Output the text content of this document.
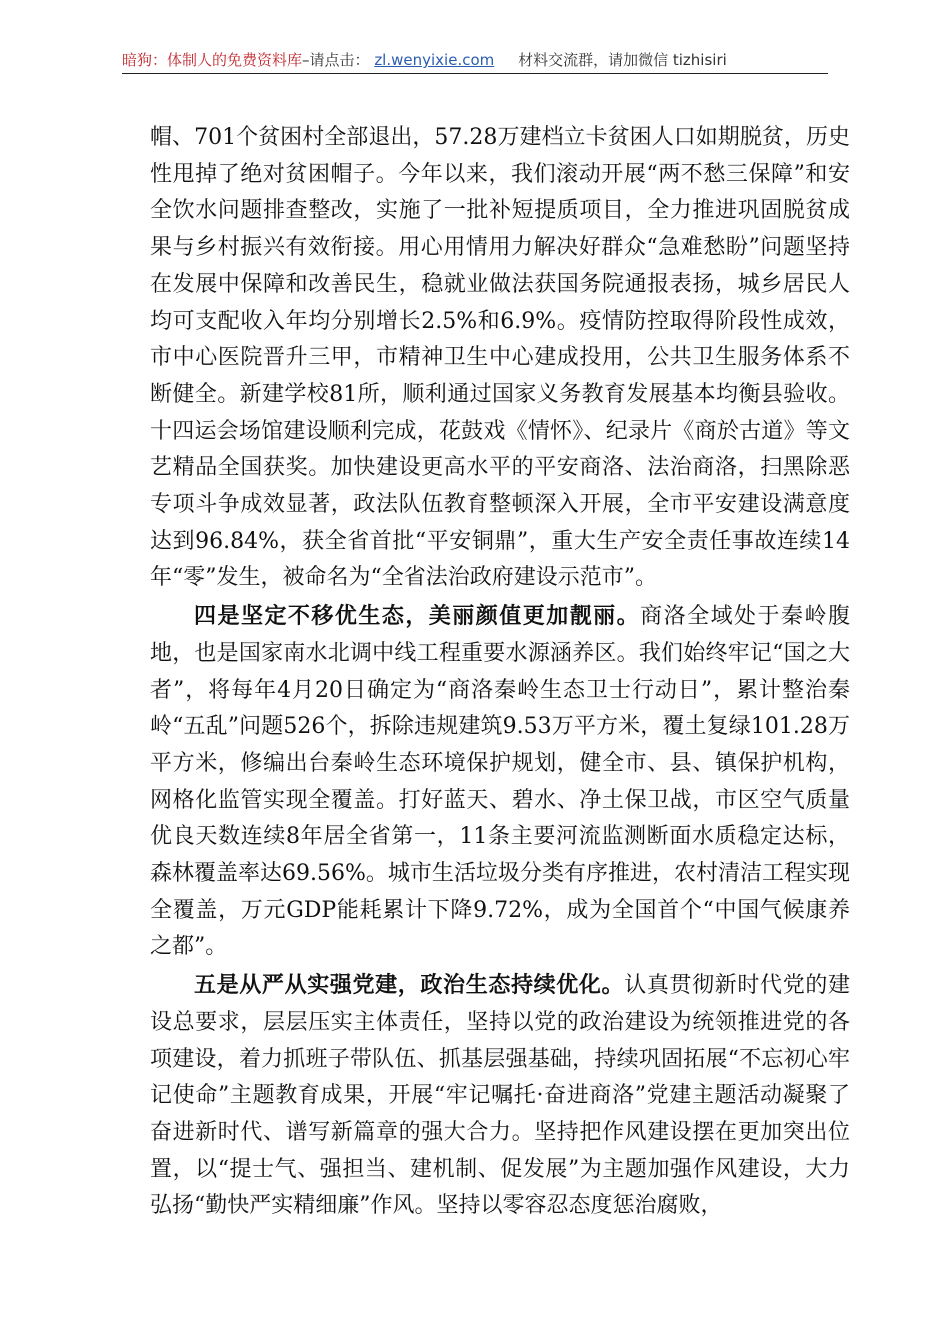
暗狗：体制人的免费资料库–请点击： zl.wenyixie.com 材料交流群，请加微信 tizhisiri

帽、701个贫困村全部退出，57.28万建档立卡贫困人口如期脱贫，历史性甩掉了绝对贫困帽子。今年以来，我们滚动开展“两不愁三保障”和安全饮水问题排查整改，实施了一批补短提质项目，全力推进巩固脱贫成果与乡村振兴有效衔接。用心用情用力解决好群众“急难愁盼”问题坚持在发展中保障和改善民生，稳就业做法获国务院通报表扬，城乡居民人均可支配收入年均分别增长2.5%和6.9%。疫情防控取得阶段性成效，市中心医院晋升三甲，市精神卫生中心建成投用，公共卫生服务体系不断健全。新建学校81所，顺利通过国家义务教育发展基本均衡县验收。十四运会场馆建设顺利完成，花鼓戏《情怀》、纪录片《商於古道》等文艺精品全国获奖。加快建设更高水平的平安商洛、法治商洛，扫黑除恶专项斗争成效显著，政法队伍教育整顿深入开展，全市平安建设满意度达到96.84%，获全省首批“平安铜鼎”，重大生产安全责任事故连续14年“零”发生，被命名为“全省法治政府建设示范市”。

四是坚定不移优生态，美丽颜值更加靓丽。商洛全域处于秦岭腹地，也是国家南水北调中线工程重要水源涵养区。我们始终牢记“国之大者”，将每年4月20日确定为“商洛秦岭生态卫士行动日”，累计整治秦岭“五乱”问题526个，拆除违规建筑9.53万平方米，覆土复绿101.28万平方米，修编出台秦岭生态环境保护规划，健全市、县、镇保护机构，网格化监管实现全覆盖。打好蓝天、碧水、净土保卫战，市区空气质量优良天数连续8年居全省第一，11条主要河流监测断面水质稳定达标，森林覆盖率达69.56%。城市生活垃圾分类有序推进，农村清洁工程实现全覆盖，万元GDP能耗累计下降9.72%，成为全国首个“中国气候康养之都”。

五是从严从实强党建，政治生态持续优化。认真贯彻新时代党的建设总要求，层层压实主体责任，坚持以党的政治建设为统领推进党的各项建设，着力抓班子带队伍、抓基层强基础，持续巩固拓展“不忘初心牢记使命”主题教育成果，开展“牢记嘱托·奋进商洛”党建主题活动凝聚了奋进新时代、谱写新篇章的强大合力。坚持把作风建设摆在更加突出位置，以“提士气、强担当、建机制、促发展”为主题加强作风建设，大力弘扬“勤快严实精细廉”作风。坚持以零容忍态度惩治腐败，
